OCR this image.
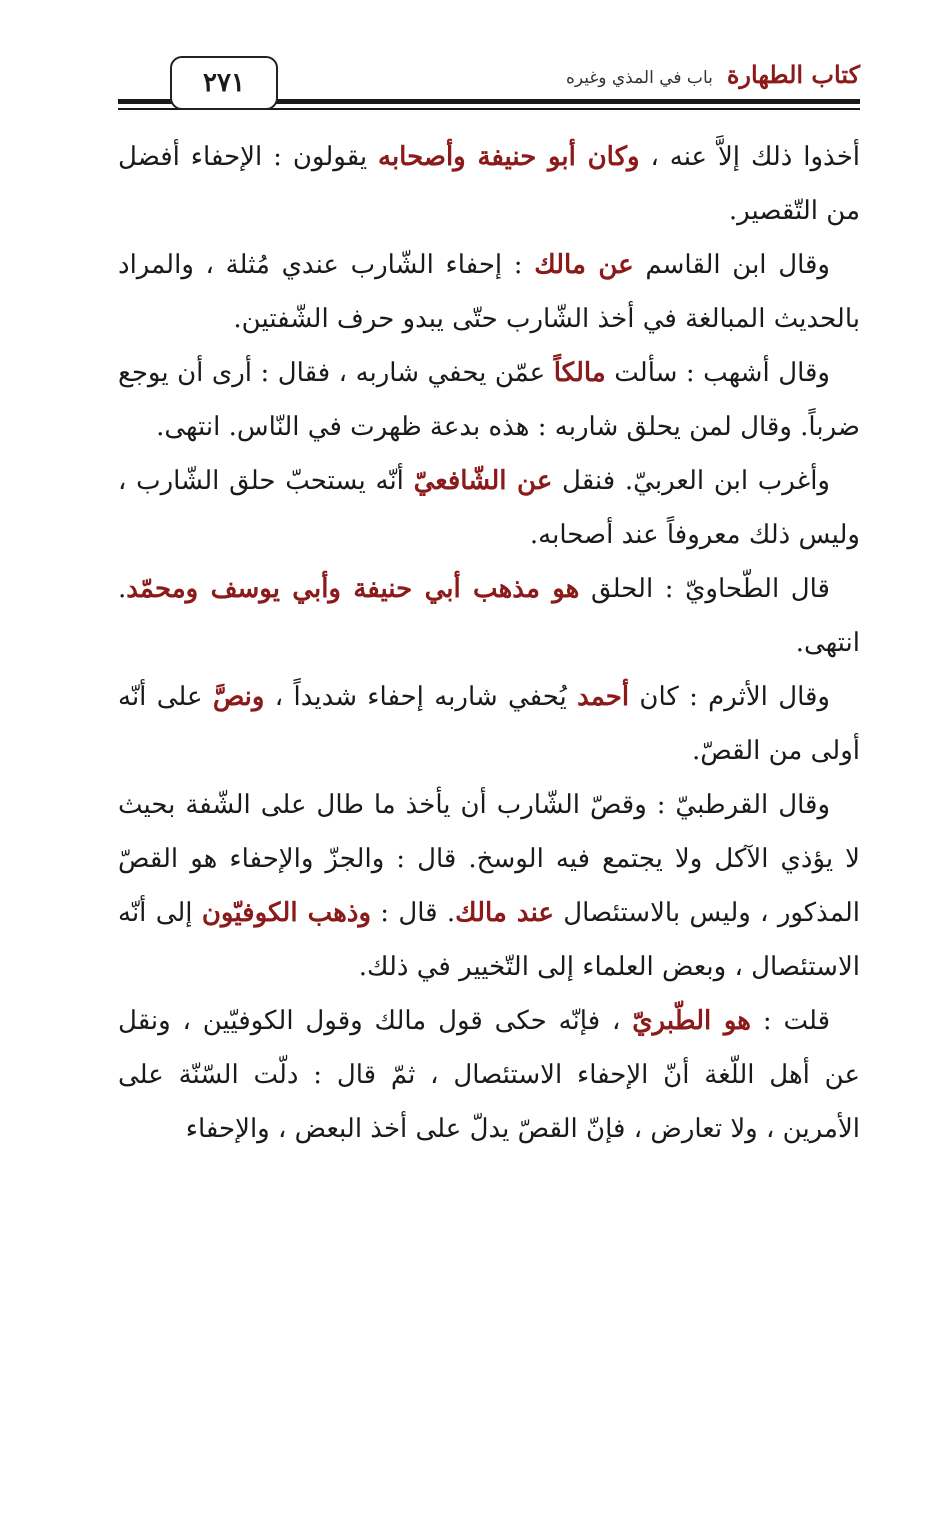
٢٧١	كتاب الطهارة
باب في المذي وغيره

أخذوا ذلك إلاَّ عنه ، وكان أبو حنيفة وأصحابه يقولون : الإحفاء أفضل من التّقصير.

وقال ابن القاسم عن مالك : إحفاء الشّارب عندي مُثلة ، والمراد بالحديث المبالغة في أخذ الشّارب حتّى يبدو حرف الشّفتين.

وقال أشهب : سألت مالكاً عمّن يحفي شاربه ، فقال : أرى أن يوجع ضرباً. وقال لمن يحلق شاربه : هذه بدعة ظهرت في النّاس. انتهى.

وأغرب ابن العربيّ. فنقل عن الشّافعيّ أنّه يستحبّ حلق الشّارب ، وليس ذلك معروفاً عند أصحابه.

قال الطّحاويّ : الحلق هو مذهب أبي حنيفة وأبي يوسف ومحمّد. انتهى.

وقال الأثرم : كان أحمد يُحفي شاربه إحفاء شديداً ، ونصَّ على أنّه أولى من القصّ.

وقال القرطبيّ : وقصّ الشّارب أن يأخذ ما طال على الشّفة بحيث لا يؤذي الآكل ولا يجتمع فيه الوسخ. قال : والجزّ والإحفاء هو القصّ المذكور ، وليس بالاستئصال عند مالك. قال : وذهب الكوفيّون إلى أنّه الاستئصال ، وبعض العلماء إلى التّخيير في ذلك.

قلت : هو الطّبريّ ، فإنّه حكى قول مالك وقول الكوفيّين ، ونقل عن أهل اللّغة أنّ الإحفاء الاستئصال ، ثمّ قال : دلّت السّنّة على الأمرين ، ولا تعارض ، فإنّ القصّ يدلّ على أخذ البعض ، والإحفاء
